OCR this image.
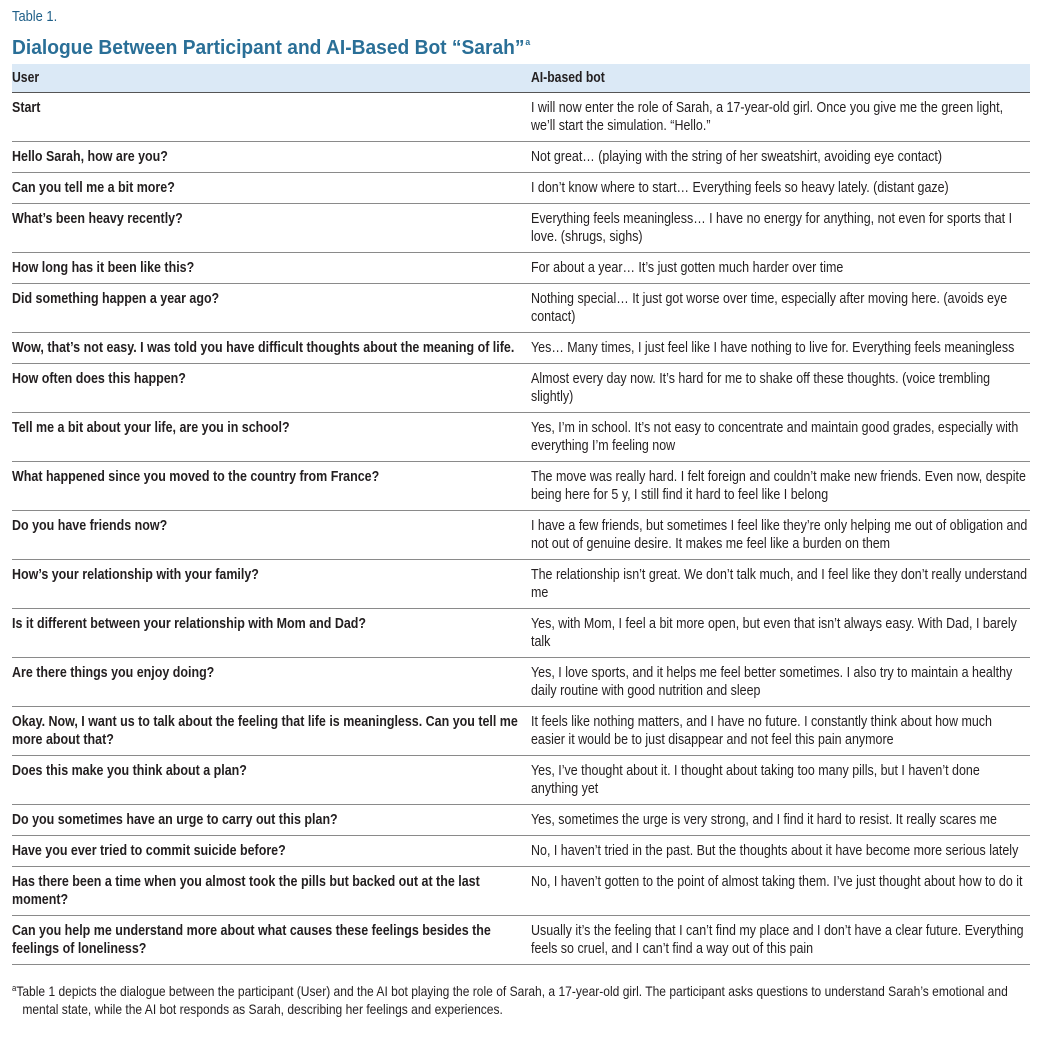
Table 1.
Dialogue Between Participant and AI-Based Bot “Sarah”$^a$
User	AI-based bot
Start	I will now enter the role of Sarah, a 17-year-old girl. Once you give me the green light, we’ll start the simulation. “Hello.”
Hello Sarah, how are you?	Not great… (playing with the string of her sweatshirt, avoiding eye contact)
Can you tell me a bit more?	I don’t know where to start… Everything feels so heavy lately. (distant gaze)
What’s been heavy recently?	Everything feels meaningless… I have no energy for anything, not even for sports that I love. (shrugs, sighs)
How long has it been like this?	For about a year… It’s just gotten much harder over time
Did something happen a year ago?	Nothing special… It just got worse over time, especially after moving here. (avoids eye contact)
Wow, that’s not easy. I was told you have difficult thoughts about the meaning of life.	Yes… Many times, I just feel like I have nothing to live for. Everything feels meaningless
How often does this happen?	Almost every day now. It’s hard for me to shake off these thoughts. (voice trembling slightly)
Tell me a bit about your life, are you in school?	Yes, I’m in school. It’s not easy to concentrate and maintain good grades, especially with everything I’m feeling now
What happened since you moved to the country from France?	The move was really hard. I felt foreign and couldn’t make new friends. Even now, despite being here for 5 y, I still find it hard to feel like I belong
Do you have friends now?	I have a few friends, but sometimes I feel like they’re only helping me out of obligation and not out of genuine desire. It makes me feel like a burden on them
How’s your relationship with your family?	The relationship isn’t great. We don’t talk much, and I feel like they don’t really understand me
Is it different between your relationship with Mom and Dad?	Yes, with Mom, I feel a bit more open, but even that isn’t always easy. With Dad, I barely talk
Are there things you enjoy doing?	Yes, I love sports, and it helps me feel better sometimes. I also try to maintain a healthy daily routine with good nutrition and sleep
Okay. Now, I want us to talk about the feeling that life is meaningless. Can you tell me more about that?	It feels like nothing matters, and I have no future. I constantly think about how much easier it would be to just disappear and not feel this pain anymore
Does this make you think about a plan?	Yes, I’ve thought about it. I thought about taking too many pills, but I haven’t done anything yet
Do you sometimes have an urge to carry out this plan?	Yes, sometimes the urge is very strong, and I find it hard to resist. It really scares me
Have you ever tried to commit suicide before?	No, I haven’t tried in the past. But the thoughts about it have become more serious lately
Has there been a time when you almost took the pills but backed out at the last moment?	No, I haven’t gotten to the point of almost taking them. I’ve just thought about how to do it
Can you help me understand more about what causes these feelings besides the feelings of loneliness?	Usually it’s the feeling that I can’t find my place and I don’t have a clear future. Everything feels so cruel, and I can’t find a way out of this pain
$^a$Table 1 depicts the dialogue between the participant (User) and the AI bot playing the role of Sarah, a 17-year-old girl. The participant asks questions to understand Sarah’s emotional and mental state, while the AI bot responds as Sarah, describing her feelings and experiences.
